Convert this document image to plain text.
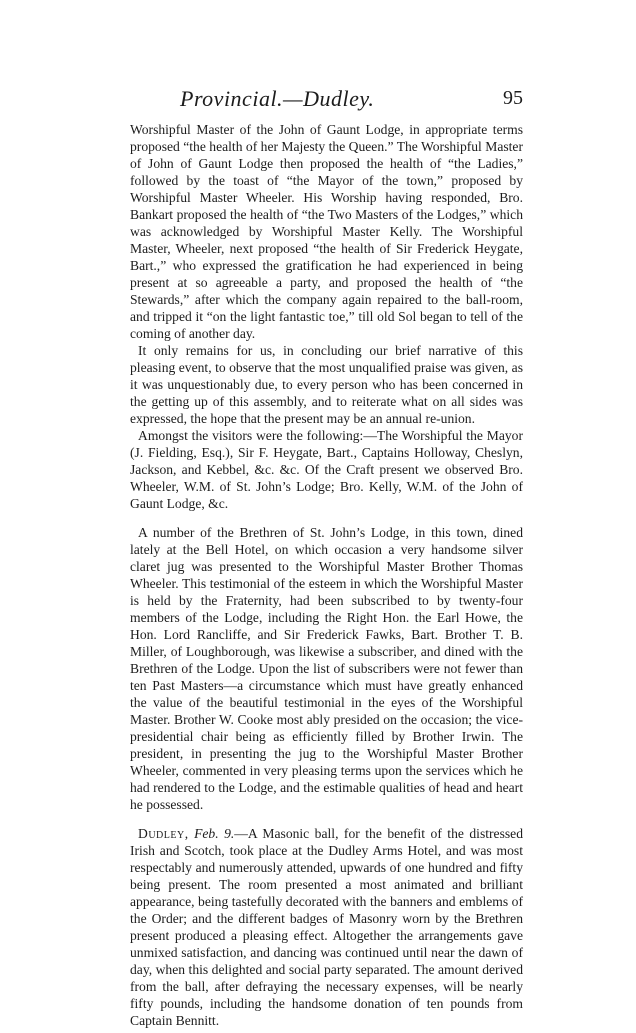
Provincial.—Dudley.	95

Worshipful Master of the John of Gaunt Lodge, in appropriate terms proposed “the health of her Majesty the Queen.” The Worshipful Master of John of Gaunt Lodge then proposed the health of “the Ladies,” followed by the toast of “the Mayor of the town,” proposed by Worshipful Master Wheeler. His Worship having responded, Bro. Bankart proposed the health of “the Two Masters of the Lodges,” which was acknowledged by Worshipful Master Kelly. The Worshipful Master, Wheeler, next proposed “the health of Sir Frederick Heygate, Bart.,” who expressed the gratification he had experienced in being present at so agreeable a party, and proposed the health of “the Stewards,” after which the company again repaired to the ball-room, and tripped it “on the light fantastic toe,” till old Sol began to tell of the coming of another day.

It only remains for us, in concluding our brief narrative of this pleasing event, to observe that the most unqualified praise was given, as it was unquestionably due, to every person who has been concerned in the getting up of this assembly, and to reiterate what on all sides was expressed, the hope that the present may be an annual re-union.

Amongst the visitors were the following:—The Worshipful the Mayor (J. Fielding, Esq.), Sir F. Heygate, Bart., Captains Holloway, Cheslyn, Jackson, and Kebbel, &c. &c. Of the Craft present we observed Bro. Wheeler, W.M. of St. John’s Lodge; Bro. Kelly, W.M. of the John of Gaunt Lodge, &c.

A number of the Brethren of St. John’s Lodge, in this town, dined lately at the Bell Hotel, on which occasion a very handsome silver claret jug was presented to the Worshipful Master Brother Thomas Wheeler. This testimonial of the esteem in which the Worshipful Master is held by the Fraternity, had been subscribed to by twenty-four members of the Lodge, including the Right Hon. the Earl Howe, the Hon. Lord Rancliffe, and Sir Frederick Fawks, Bart. Brother T. B. Miller, of Loughborough, was likewise a subscriber, and dined with the Brethren of the Lodge. Upon the list of subscribers were not fewer than ten Past Masters—a circumstance which must have greatly enhanced the value of the beautiful testimonial in the eyes of the Worshipful Master. Brother W. Cooke most ably presided on the occasion; the vice-presidential chair being as efficiently filled by Brother Irwin. The president, in presenting the jug to the Worshipful Master Brother Wheeler, commented in very pleasing terms upon the services which he had rendered to the Lodge, and the estimable qualities of head and heart he possessed.

Dudley, Feb. 9.—A Masonic ball, for the benefit of the distressed Irish and Scotch, took place at the Dudley Arms Hotel, and was most respectably and numerously attended, upwards of one hundred and fifty being present. The room presented a most animated and brilliant appearance, being tastefully decorated with the banners and emblems of the Order; and the different badges of Masonry worn by the Brethren present produced a pleasing effect. Altogether the arrangements gave unmixed satisfaction, and dancing was continued until near the dawn of day, when this delighted and social party separated. The amount derived from the ball, after defraying the necessary expenses, will be nearly fifty pounds, including the handsome donation of ten pounds from Captain Bennitt.
